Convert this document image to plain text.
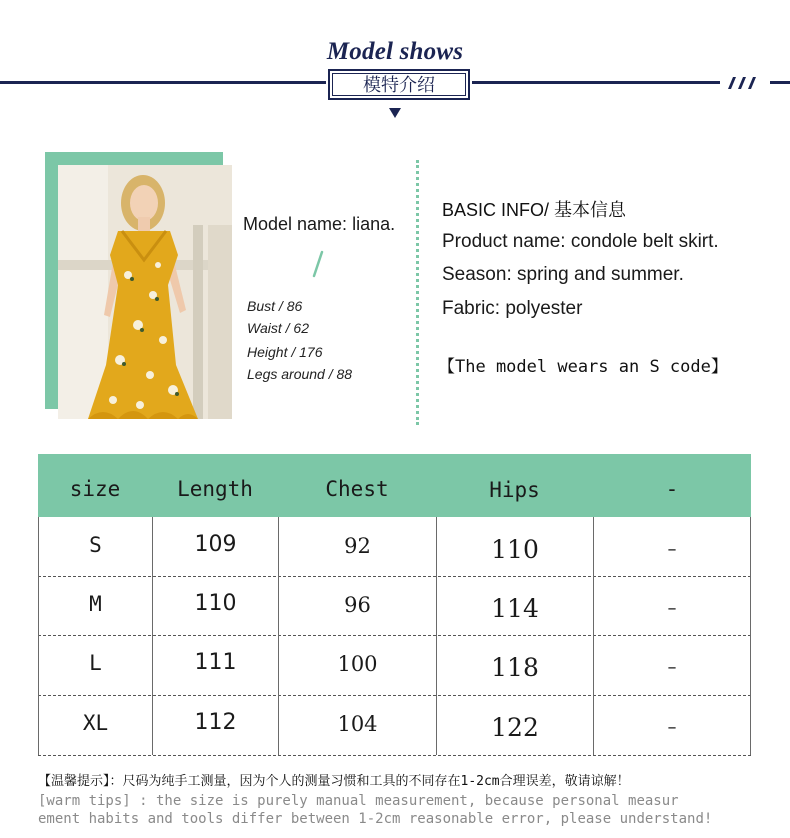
Model shows
模特介绍
Model name: liana.
Bust / 86
Waist / 62
Height / 176
Legs around / 88
BASIC INFO/ 基本信息
Product name: condole belt skirt.
Season: spring and summer.
Fabric: polyester
【The model wears an S code】
size	Length	Chest	Hips	-
S	109	92	110	–
M	110	96	114	–
L	111	100	118	–
XL	112	104	122	–
【温馨提示】：尺码为纯手工测量，因为个人的测量习惯和工具的不同存在1-2cm合理误差，敬请谅解！
[warm tips] : the size is purely manual measurement, because personal measur
ement habits and tools differ between 1-2cm reasonable error, please understand!
